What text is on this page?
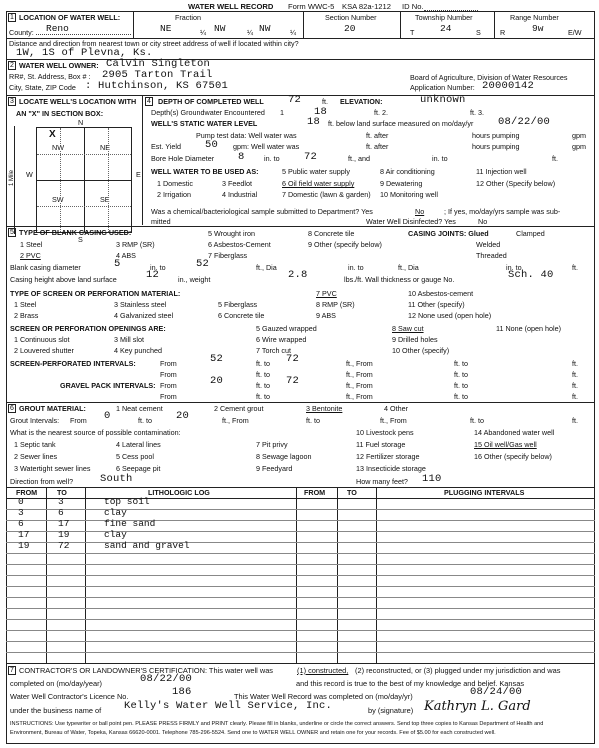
WATER WELL RECORD Form WWC-5 KSA 82a-1212 ID No.
1 LOCATION OF WATER WELL:
County: Reno
Fraction
NE	¼ NW	¼ NW	¼
Section Number
20
Township Number
T	24	S
Range Number
R	9w	E/W
Distance and direction from nearest town or city street address of well if located within city?
1W, 1S of Plevna, Ks.
2 WATER WELL OWNER: Calvin Singleton
RR#, St. Address, Box # : 2905 Tarton Trail
City, State, ZIP Code : Hutchinson, KS 67501
Board of Agriculture, Division of Water Resources
Application Number: 20000142
3 LOCATE WELL'S LOCATION WITH
AN "X" IN SECTION BOX:
N
S
W	E
1 Mile
X
NW	NE
SW	SE
4 DEPTH OF COMPLETED WELL 72	ft. ELEVATION:	unknown
Depth(s) Groundwater Encountered 1	18	ft. 2.	ft. 3.
WELL'S STATIC WATER LEVEL	18 ft. below land surface measured on mo/day/yr 08/22/00
Pump test data: Well water was	ft. after	hours pumping	gpm
Est. Yield 50 gpm: Well water was	ft. after	hours pumping	gpm
Bore Hole Diameter 8	in. to 72	ft., and	in. to	ft.
WELL WATER TO BE USED AS:
1 Domestic
2 Irrigation
3 Feedlot
4 Industrial
5 Public water supply
6 Oil field water supply
7 Domestic (lawn & garden)
8 Air conditioning
9 Dewatering
10 Monitoring well
11 Injection well
12 Other (Specify below)
Was a chemical/bacteriological sample submitted to Department? Yes	No	; If yes, mo/day/yrs sample was sub-
mitted	Water Well Disinfected? Yes	No
5 TYPE OF BLANK CASING USED:
1 Steel
2 PVC
3 RMP (SR)
4 ABS
5 Wrought iron
6 Asbestos-Cement
7 Fiberglass
8 Concrete tile
9 Other (specify below)
CASING JOINTS: Glued	Clamped
Welded
Threaded
Blank casing diameter	5	in. to	52	ft., Dia	in. to	ft., Dia	in. to	ft.
Casing height above land surface	12	in., weight	2.8	lbs./ft. Wall thickness or gauge No.	Sch. 40
TYPE OF SCREEN OR PERFORATION MATERIAL:
1 Steel
2 Brass
3 Stainless steel
4 Galvanized steel
5 Fiberglass
6 Concrete tile
7 PVC
8 RMP (SR)
9 ABS
10 Asbestos-cement
11 Other (specify)
12 None used (open hole)
SCREEN OR PERFORATION OPENINGS ARE:
1 Continuous slot
2 Louvered shutter
3 Mill slot
4 Key punched
5 Gauzed wrapped
6 Wire wrapped
7 Torch cut
8 Saw cut
9 Drilled holes
10 Other (specify)
11 None (open hole)
SCREEN-PERFORATED INTERVALS:	From	52	ft. to 72	ft., From	ft. to	ft.
From	ft. to	ft., From	ft. to	ft.
GRAVEL PACK INTERVALS: From	20	ft. to 72	ft., From	ft. to	ft.
From	ft. to	ft., From	ft. to	ft.
6 GROUT MATERIAL:	1 Neat cement	2 Cement grout	3 Bentonite	4 Other
Grout Intervals: From 0	ft. to 20	ft., From	ft. to	ft., From	ft. to	ft.
What is the nearest source of possible contamination:
1 Septic tank
2 Sewer lines
3 Watertight sewer lines
4 Lateral lines
5 Cess pool
6 Seepage pit
7 Pit privy
8 Sewage lagoon
9 Feedyard
10 Livestock pens
11 Fuel storage
12 Fertilizer storage
13 Insecticide storage
14 Abandoned water well
15 Oil well/Gas well
16 Other (specify below)
Direction from well?	South	How many feet? 110
FROM	TO	LITHOLOGIC LOG	FROM	TO	PLUGGING INTERVALS
0	3	top soil
3	6	clay
6	17	fine sand
17	19	clay
19	72	sand and gravel
7 CONTRACTOR'S OR LANDOWNER'S CERTIFICATION: This water well was	(1) constructed, (2) reconstructed, or (3) plugged under my jurisdiction and was
completed on (mo/day/year)	08/22/00	and this record is true to the best of my knowledge and belief. Kansas
Water Well Contractor's Licence No.	186	This Water Well Record was completed on (mo/day/yr)	08/24/00
under the business name of Kelly's Water Well Service, Inc.	by (signature) Kathryn L. Gard
INSTRUCTIONS: Use typewriter or ball point pen. PLEASE PRESS FIRMLY and PRINT clearly. Please fill in blanks, underline or circle the correct answers. Send top three copies to Kansas Department of Health and
Environment, Bureau of Water, Topeka, Kansas 66620-0001. Telephone 785-296-5524. Send one to WATER WELL OWNER and retain one for your records. Fee of $5.00 for each constructed well.
